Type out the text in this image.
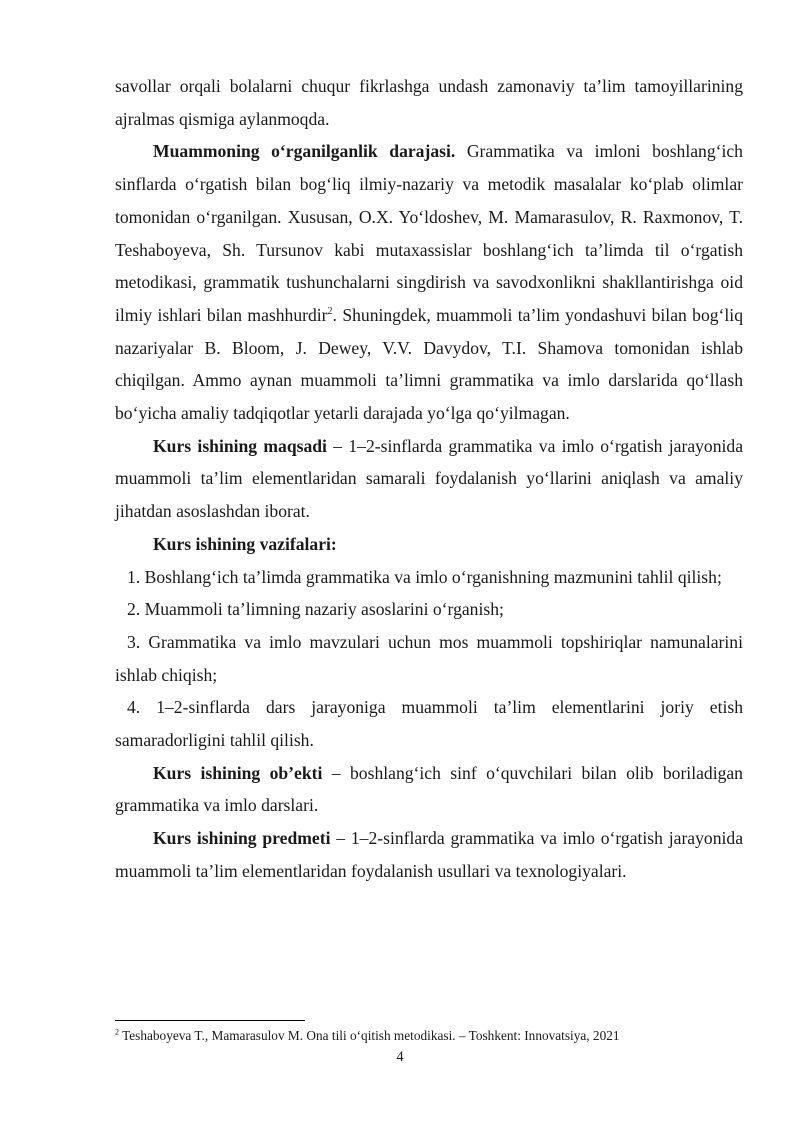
savollar orqali bolalarni chuqur fikrlashga undash zamonaviy ta’lim tamoyillarining ajralmas qismiga aylanmoqda.

Muammoning o‘rganilganlik darajasi. Grammatika va imloni boshlang‘ich sinflarda o‘rgatish bilan bog‘liq ilmiy-nazariy va metodik masalalar ko‘plab olimlar tomonidan o‘rganilgan. Xususan, O.X. Yo‘ldoshev, M. Mamarasulov, R. Raxmonov, T. Teshaboyeva, Sh. Tursunov kabi mutaxassislar boshlang‘ich ta’limda til o‘rgatish metodikasi, grammatik tushunchalarni singdirish va savodxonlikni shakllantirishga oid ilmiy ishlari bilan mashhurdir$^2$. Shuningdek, muammoli ta’lim yondashuvi bilan bog‘liq nazariyalar B. Bloom, J. Dewey, V.V. Davydov, T.I. Shamova tomonidan ishlab chiqilgan. Ammo aynan muammoli ta’limni grammatika va imlo darslarida qo‘llash bo‘yicha amaliy tadqiqotlar yetarli darajada yo‘lga qo‘yilmagan.

Kurs ishining maqsadi – 1–2-sinflarda grammatika va imlo o‘rgatish jarayonida muammoli ta’lim elementlaridan samarali foydalanish yo‘llarini aniqlash va amaliy jihatdan asoslashdan iborat.

Kurs ishining vazifalari:

1. Boshlang‘ich ta’limda grammatika va imlo o‘rganishning mazmunini tahlil qilish;

2. Muammoli ta’limning nazariy asoslarini o‘rganish;

3. Grammatika va imlo mavzulari uchun mos muammoli topshiriqlar namunalarini ishlab chiqish;

4. 1–2-sinflarda dars jarayoniga muammoli ta’lim elementlarini joriy etish samaradorligini tahlil qilish.

Kurs ishining ob’ekti – boshlang‘ich sinf o‘quvchilari bilan olib boriladigan grammatika va imlo darslari.

Kurs ishining predmeti – 1–2-sinflarda grammatika va imlo o‘rgatish jarayonida muammoli ta’lim elementlaridan foydalanish usullari va texnologiyalari.

$^2$ Teshaboyeva T., Mamarasulov M. Ona tili o‘qitish metodikasi. – Toshkent: Innovatsiya, 2021
4
